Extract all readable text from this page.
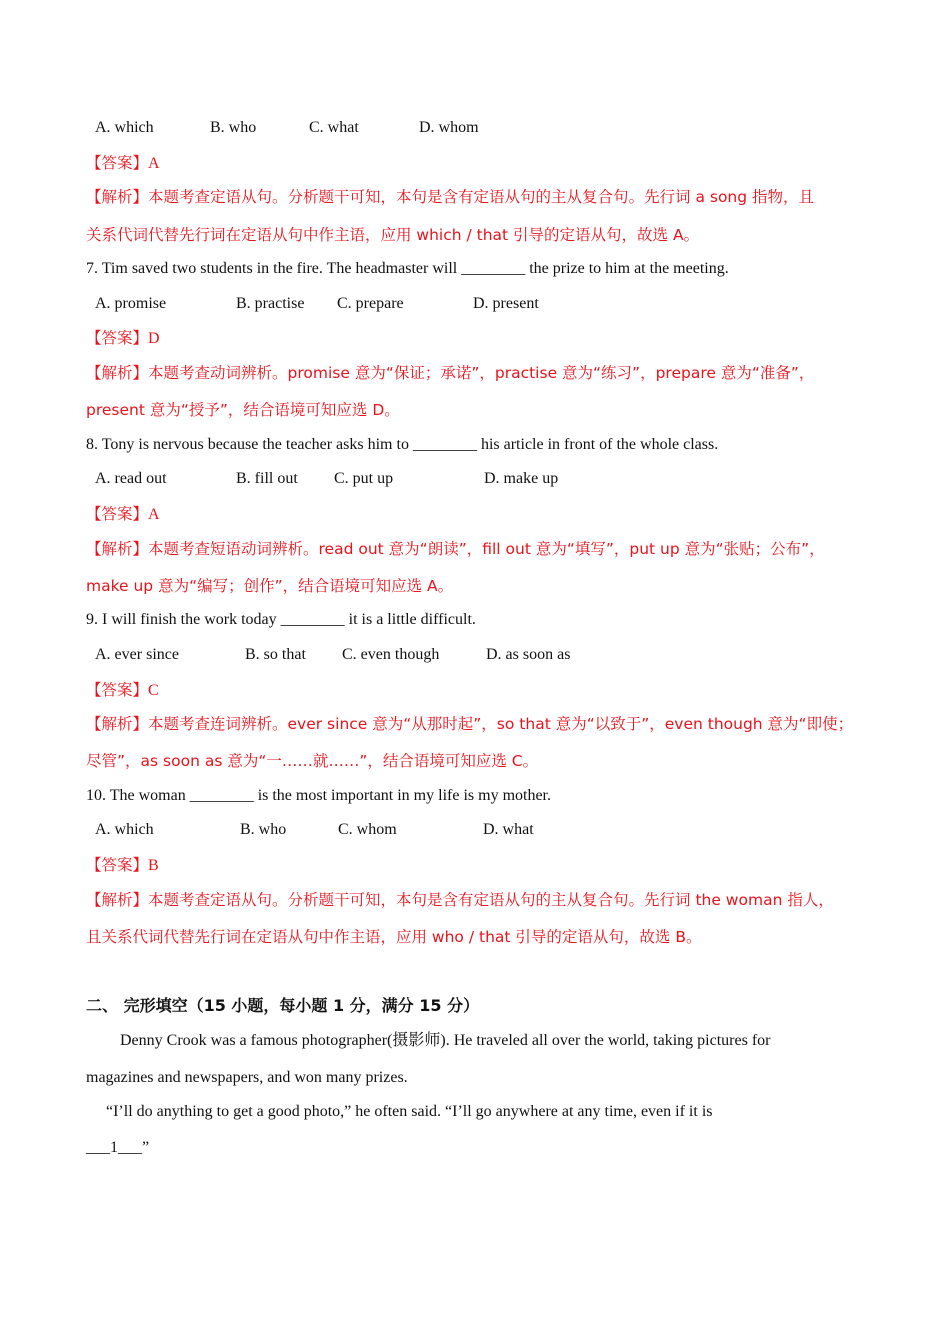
A. which	B. who	C. what	D. whom
【答案】A
【解析】本题考查定语从句。分析题干可知，本句是含有定语从句的主从复合句。先行词 a song 指物，且
关系代词代替先行词在定语从句中作主语，应用 which / that 引导的定语从句，故选 A。
7. Tim saved two students in the fire. The headmaster will ________ the prize to him at the meeting.
A. promise	B. practise C. prepare	D. present
【答案】D
【解析】本题考查动词辨析。promise 意为“保证；承诺”，practise 意为“练习”，prepare 意为“准备”，
present 意为“授予”，结合语境可知应选 D。
8. Tony is nervous because the teacher asks him to ________ his article in front of the whole class.
A. read out	B. fill out C. put up	D. make up
【答案】A
【解析】本题考查短语动词辨析。read out 意为“朗读”，fill out 意为“填写”，put up 意为“张贴；公布”，
make up 意为“编写；创作”，结合语境可知应选 A。
9. I will finish the work today ________ it is a little difficult.
A. ever since	B. so that C. even though	D. as soon as
【答案】C
【解析】本题考查连词辨析。ever since 意为“从那时起”，so that 意为“以致于”，even though 意为“即使；
尽管”，as soon as 意为“一……就……”，结合语境可知应选 C。
10. The woman ________ is the most important in my life is my mother.
A. which	B. who	C. whom	D. what
【答案】B
【解析】本题考查定语从句。分析题干可知，本句是含有定语从句的主从复合句。先行词 the woman 指人，
且关系代词代替先行词在定语从句中作主语，应用 who / that 引导的定语从句，故选 B。
二、 完形填空（15 小题，每小题 1 分，满分 15 分）
Denny Crook was a famous photographer(摄影师). He traveled all over the world, taking pictures for
magazines and newspapers, and won many prizes.
“I’ll do anything to get a good photo,” he often said. “I’ll go anywhere at any time, even if it is
___1___”
